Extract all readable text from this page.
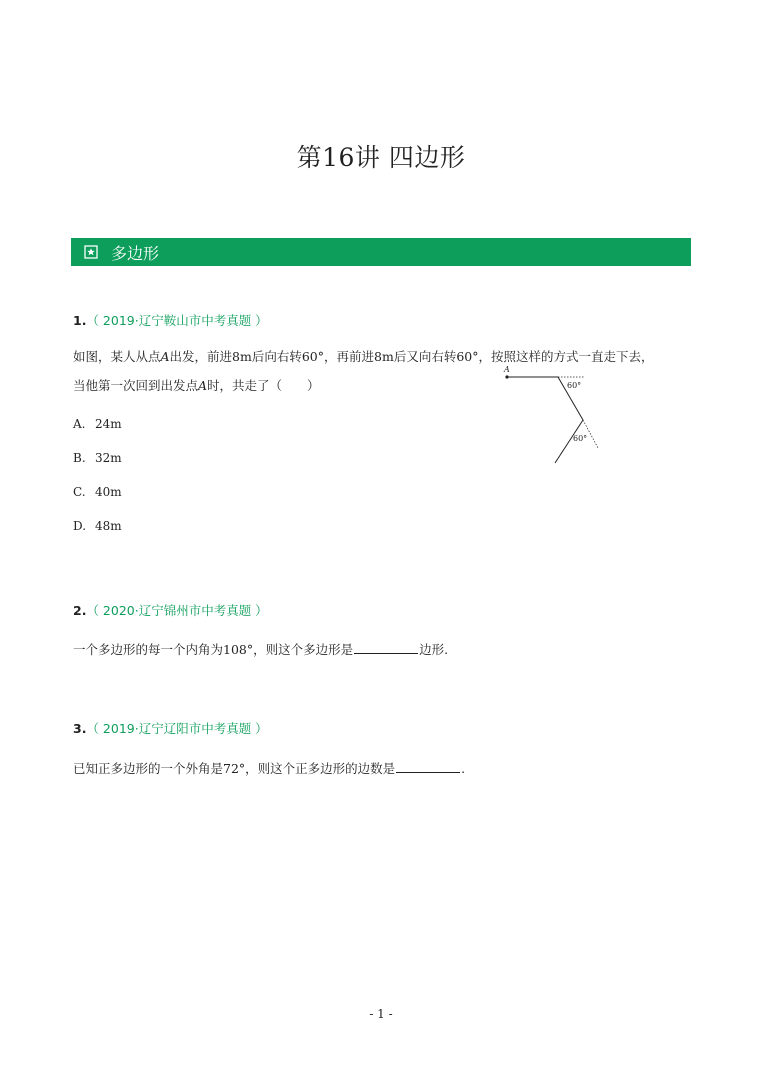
第16讲 四边形
多边形
1.（ 2019·辽宁鞍山市中考真题 ）
如图，某人从点A出发，前进8m后向右转60°，再前进8m后又向右转60°，按照这样的方式一直走下去，
当他第一次回到出发点A时，共走了（　　）
A. 24m
B. 32m
C. 40m
D. 48m
A
60°
60°
2.（ 2020·辽宁锦州市中考真题 ）
一个多边形的每一个内角为108°，则这个多边形是	边形.
3.（ 2019·辽宁辽阳市中考真题 ）
已知正多边形的一个外角是72°，则这个正多边形的边数是	.
- 1 -
